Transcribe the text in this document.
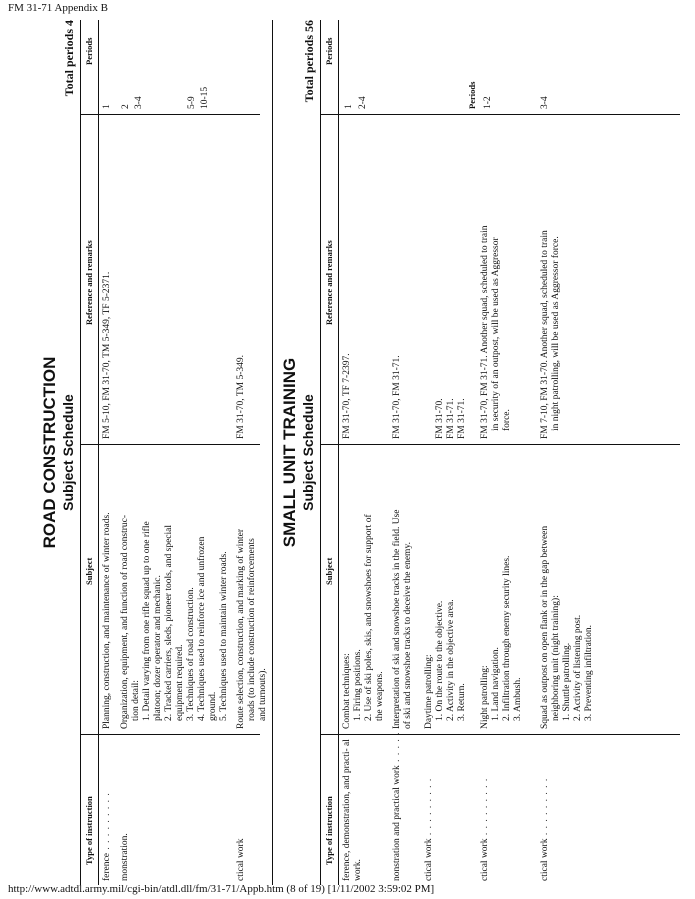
FM 31-71 Appendix B
ROAD CONSTRUCTION Subject Schedule
Total periods 4
Type of instruction
Subject
Reference and remarks
Periods
ference . . .
Planning, construction, and maintenance of winter roads.
FM 5-10, FM 31-70, TM 5-349, TF 5-2371.
1
monstration.
Organization, equipment, and function of road construc- tion detail: 1. Detail varying from one rifle squad up to one rifle platoon; dozer operator and mechanic. 2. Tracked carriers, sleds, pioneer tools, and special equipment required. 3. Techniques of road construction. 4. Techniques used to reinforce ice and unfrozen ground. 5. Techniques used to maintain winter roads.
2 3-4	5-9 10-15
ctical work
Route selection, construction, and marking of winter roads (to include construction of reinforcements and turnouts).
FM 31-70, TM 5-349. SMALL UNIT TRAINING Subject Schedule
Total periods 56
Type of instruction
Subject
Reference and remarks
Periods
ference, demonstration, and practi- al work.
Combat techniques: 1. Firing positions. 2. Use of ski poles, skis, and snowshoes for support of the weapons.
FM 31-70, TF 7-2397.
1 2-4
nonstration and practical work . . .
Interpretation of ski and snowshoe tracks in the field. Use of ski and snowshoe tracks to deceive the enemy.
FM 31-70, FM 31-71.
ctical work . . .
Daytime patrolling: 1. On the route to the objective. 2. Activity in the objective area. 3. Return.
FM 31-70. FM 31-71. FM 31-71.
ctical work . . .
Night patrolling: 1. Land navigation. 2. Infiltration through enemy security lines. 3. Ambush.
FM 31-70, FM 31-71. Another squad, scheduled to train in security of an outpost, will be used as Aggressor force.
Periods 1-2
ctical work . . .
Squad as outpost on open flank or in the gap between neighboring unit (night training): 1. Shuttle patrolling. 2. Activity of listening post. 3. Preventing infiltration.
FM 7-10, FM 31-70. Another squad, scheduled to train in night patrolling, will be used as Aggressor force.
3-4
http://www.adtdl.army.mil/cgi-bin/atdl.dll/fm/31-71/Appb.htm (8 of 19) [1/11/2002 3:59:02 PM]
